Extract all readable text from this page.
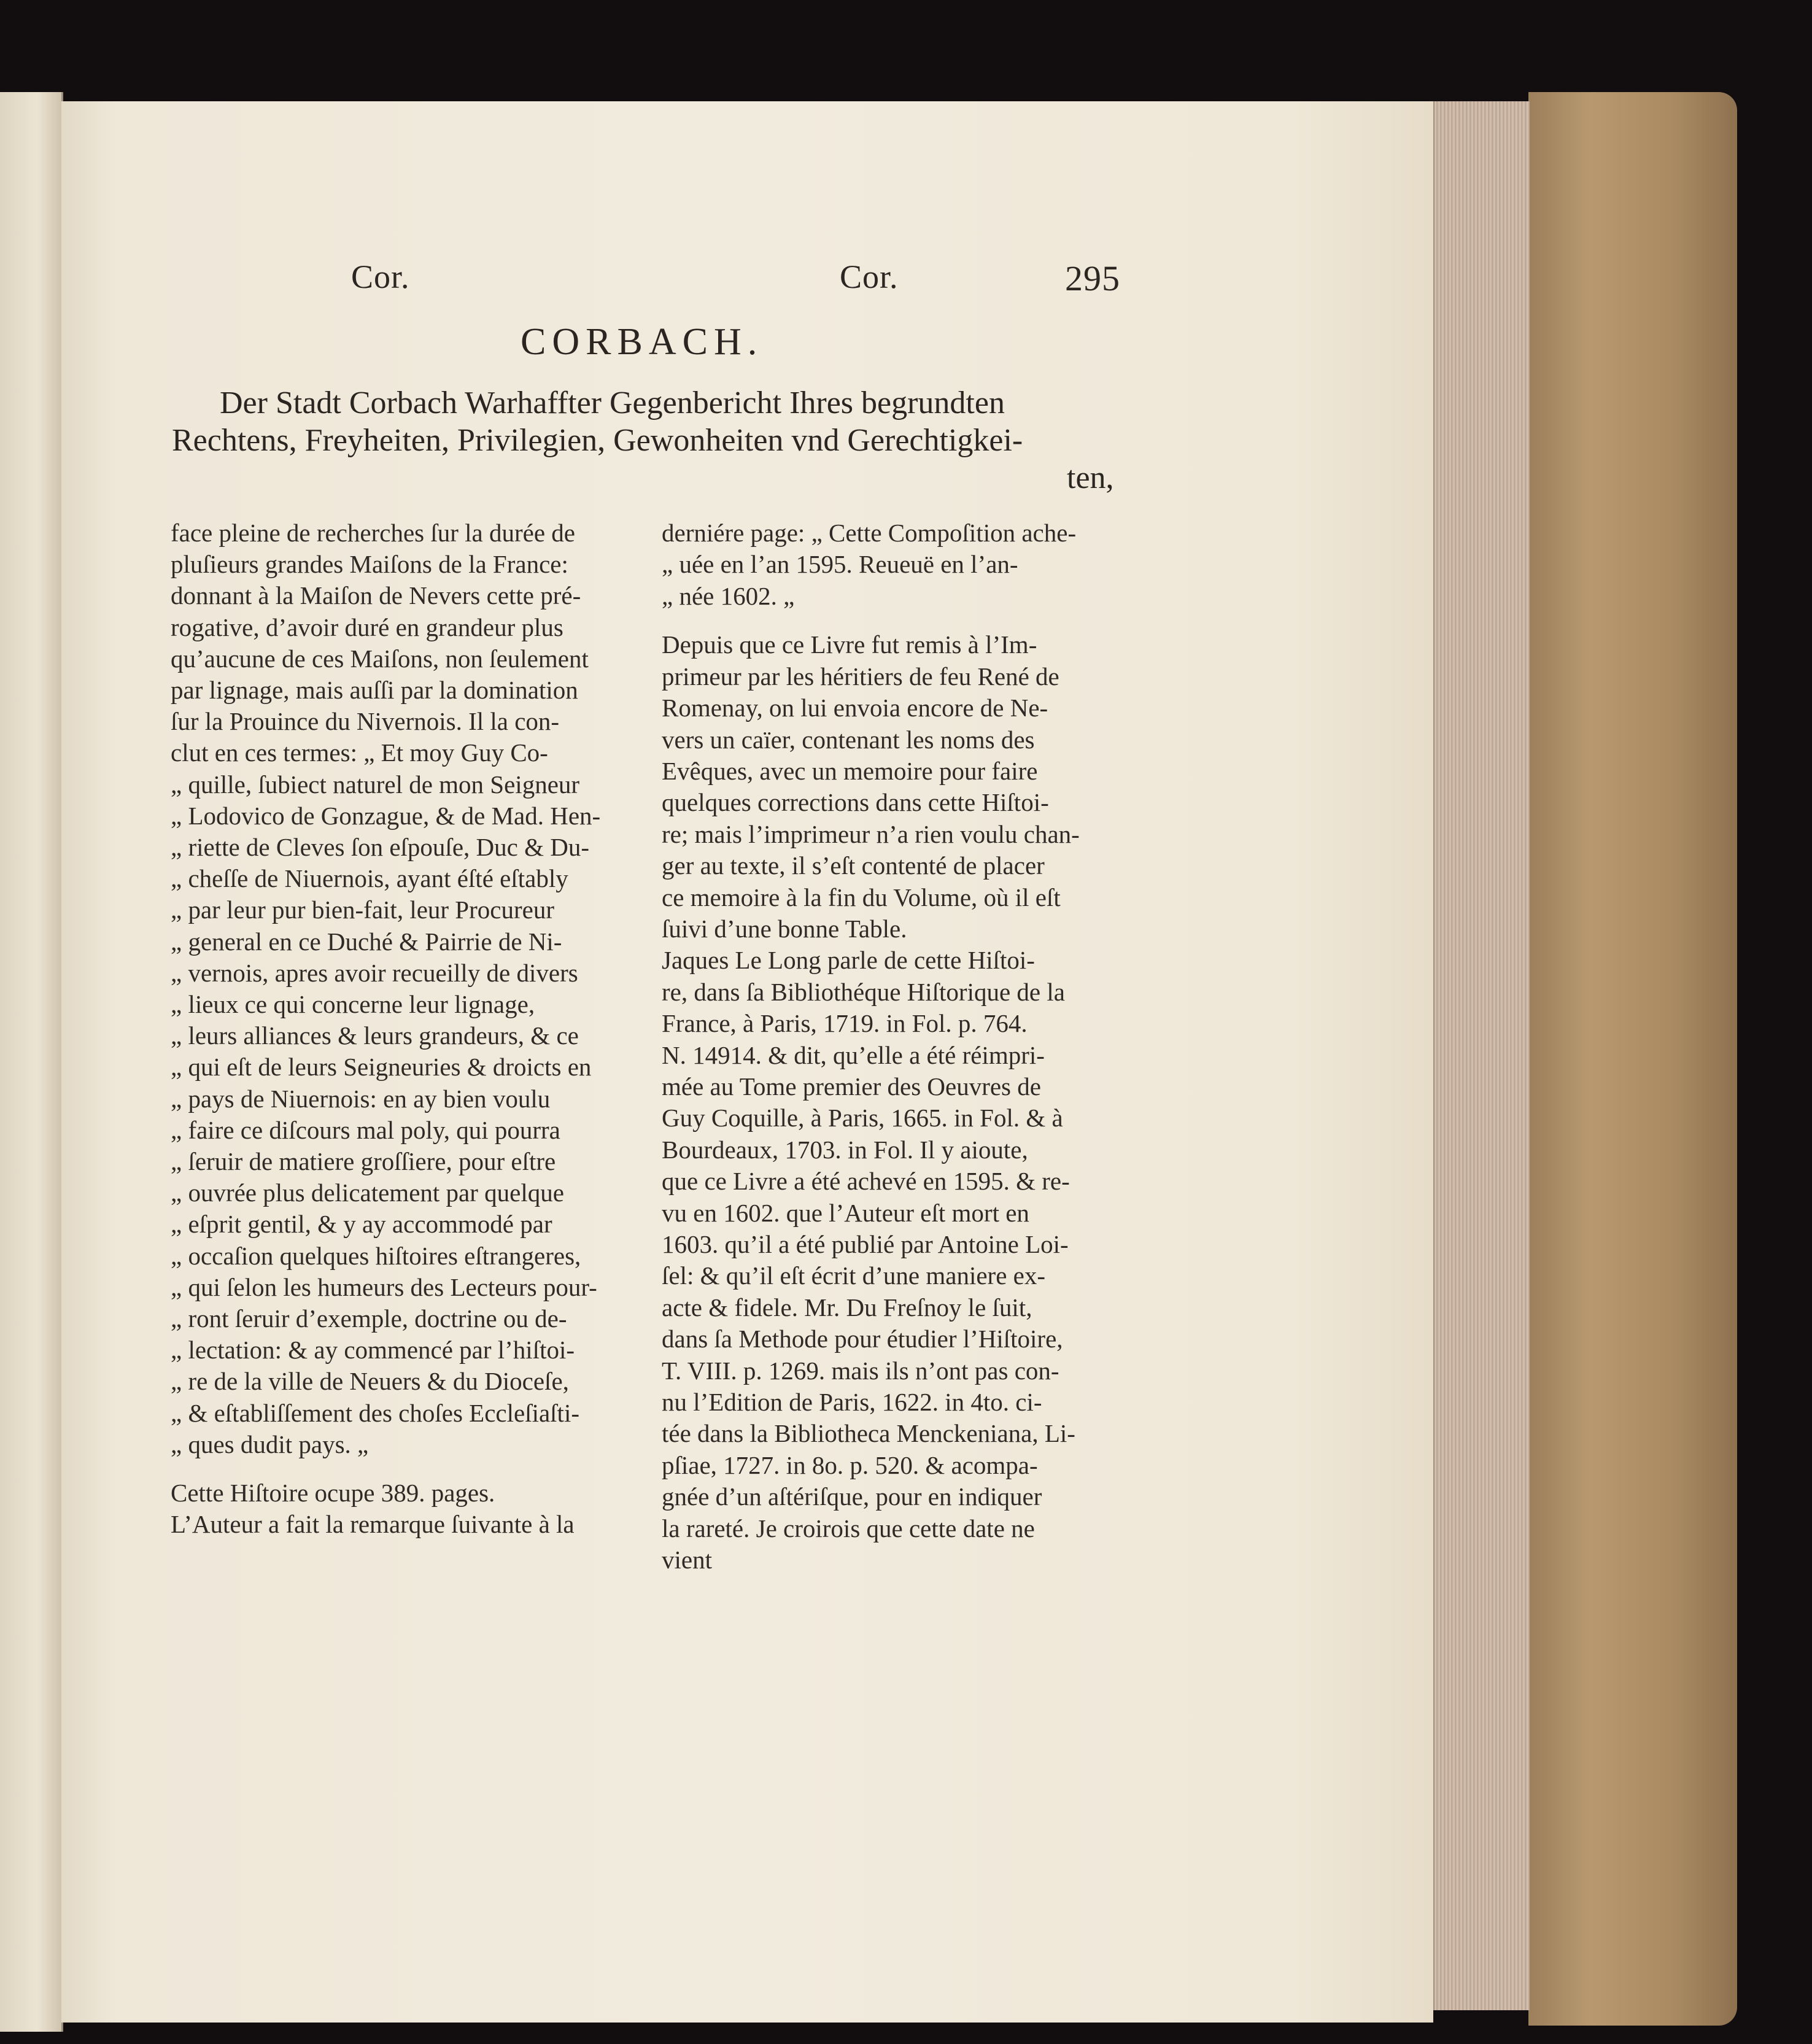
Cor.	Cor.	295
CORBACH.
Der Stadt Corbach Warhaffter Gegenbericht Ihres begrundten
Rechtens, Freyheiten, Privilegien, Gewonheiten vnd Gerechtigkei-
ten,
face pleine de recherches ſur la durée de
pluſieurs grandes Maiſons de la France:
donnant à la Maiſon de Nevers cette pré-
rogative, d’avoir duré en grandeur plus
qu’aucune de ces Maiſons, non ſeulement
par lignage, mais auſſi par la domination
ſur la Prouince du Nivernois. Il la con-
clut en ces termes: „ Et moy Guy Co-
„ quille, ſubiect naturel de mon Seigneur
„ Lodovico de Gonzague, & de Mad. Hen-
„ riette de Cleves ſon eſpouſe, Duc & Du-
„ cheſſe de Niuernois, ayant éſté eſtably
„ par leur pur bien-fait, leur Procureur
„ general en ce Duché & Pairrie de Ni-
„ vernois, apres avoir recueilly de divers
„ lieux ce qui concerne leur lignage,
„ leurs alliances & leurs grandeurs, & ce
„ qui eſt de leurs Seigneuries & droicts en
„ pays de Niuernois: en ay bien voulu
„ faire ce diſcours mal poly, qui pourra
„ ſeruir de matiere groſſiere, pour eſtre
„ ouvrée plus delicatement par quelque
„ eſprit gentil, & y ay accommodé par
„ occaſion quelques hiſtoires eſtrangeres,
„ qui ſelon les humeurs des Lecteurs pour-
„ ront ſeruir d’exemple, doctrine ou de-
„ lectation: & ay commencé par l’hiſtoi-
„ re de la ville de Neuers & du Dioceſe,
„ & eſtabliſſement des choſes Eccleſiaſti-
„ ques dudit pays. „
Cette Hiſtoire ocupe 389. pages.
L’Auteur a fait la remarque ſuivante à la
derniére page: „ Cette Compoſition ache-
„ uée en l’an 1595. Reueuë en l’an-
„ née 1602. „
Depuis que ce Livre fut remis à l’Im-
primeur par les héritiers de feu René de
Romenay, on lui envoia encore de Ne-
vers un caïer, contenant les noms des
Evêques, avec un memoire pour faire
quelques corrections dans cette Hiſtoi-
re; mais l’imprimeur n’a rien voulu chan-
ger au texte, il s’eſt contenté de placer
ce memoire à la fin du Volume, où il eſt
ſuivi d’une bonne Table.
Jaques Le Long parle de cette Hiſtoi-
re, dans ſa Bibliothéque Hiſtorique de la
France, à Paris, 1719. in Fol. p. 764.
N. 14914. & dit, qu’elle a été réimpri-
mée au Tome premier des Oeuvres de
Guy Coquille, à Paris, 1665. in Fol. & à
Bourdeaux, 1703. in Fol. Il y aioute,
que ce Livre a été achevé en 1595. & re-
vu en 1602. que l’Auteur eſt mort en
1603. qu’il a été publié par Antoine Loi-
ſel: & qu’il eſt écrit d’une maniere ex-
acte & fidele. Mr. Du Freſnoy le ſuit,
dans ſa Methode pour étudier l’Hiſtoire,
T. VIII. p. 1269. mais ils n’ont pas con-
nu l’Edition de Paris, 1622. in 4to. ci-
tée dans la Bibliotheca Menckeniana, Li-
pſiae, 1727. in 8o. p. 520. & acompa-
gnée d’un aſtériſque, pour en indiquer
la rareté. Je croirois que cette date ne
vient
